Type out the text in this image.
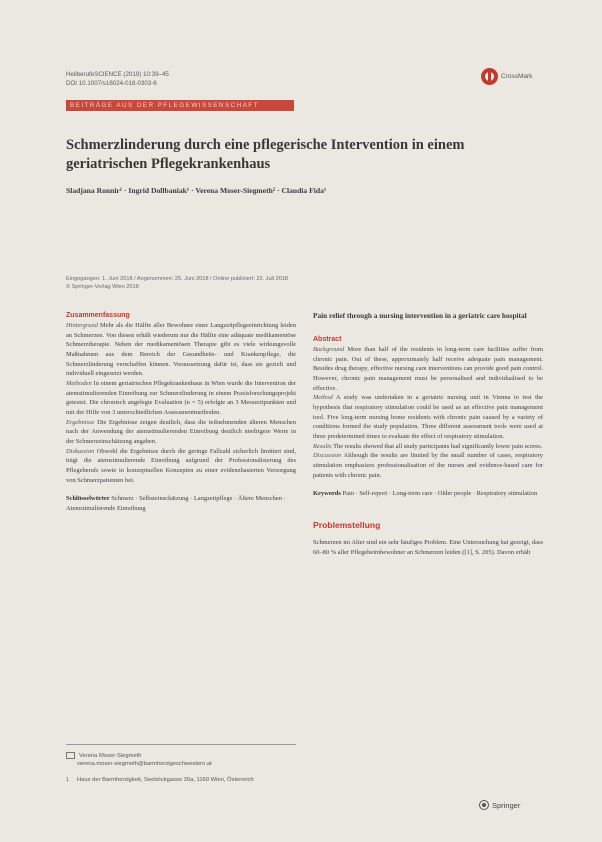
HeilberufeSCIENCE (2019) 10:39–45
DOI 10.1007/s16024-018-0303-6
CrossMark
BEITRÄGE AUS DER PFLEGEWISSENSCHAFT
Schmerzlinderung durch eine pflegerische Intervention in einem geriatrischen Pflegekrankenhaus
Sladjana Ronnir¹ · Ingrid Dollbaniak¹ · Verena Moser-Siegmeth² · Claudia Fida¹
Eingegangen: 1. Juni 2018 / Angenommen: 25. Juni 2018 / Online publiziert: 23. Juli 2018
© Springer-Verlag Wien 2018
Zusammenfassung

Hintergrund Mehr als die Hälfte aller Bewohner einer Langzeitpflegeeinrichtung leiden an Schmerzen. Von diesen erhält wiederum nur die Hälfte eine adäquate medikamentöse Schmerztherapie. Neben der medikamentösen Therapie gibt es viele wirkungsvolle Maßnahmen aus dem Bereich der Gesundheits- und Krankenpflege, die Schmerzlinderung verschaffen können. Voraussetzung dafür ist, dass sie gezielt und individuell eingesetzt werden.

Methoden In einem geriatrischen Pflegekrankenhaus in Wien wurde die Intervention der atemstimulierenden Einreibung zur Schmerzlinderung in einem Praxisforschungsprojekt getestet. Die chronisch angelegte Evaluation (n = 5) erfolgte an 3 Messzeitpunkten und mit der Hilfe von 3 unterschiedlichen Assessmentmethoden.

Ergebnisse Die Ergebnisse zeigen deutlich, dass die teilnehmenden älteren Menschen nach der Anwendung der atemstimulierenden Einreibung deutlich niedrigere Werte in der Schmerzeinschätzung angaben.

Diskussion Obwohl die Ergebnisse durch die geringe Fallzahl sicherlich limitiert sind, trägt die atemstimulierende Einreibung aufgrund der Professionalisierung des Pflegeberufs sowie in konzeptuellen Konzepten zu einer evidenzbasierten Versorgung von Schmerzpatienten bei.

Schlüsselwörter Schmerz · Selbsteinschätzung · Langzeitpflege · Ältere Menschen · Atemstimulierende Einreibung

Pain relief through a nursing intervention in a geriatric care hospital
Abstract

Background More than half of the residents in long-term care facilities suffer from chronic pain. Out of these, approximately half receive adequate pain management. Besides drug therapy, effective nursing care interventions can provide good pain control. However, chronic pain management must be personalised and individualised to be effective.

Method A study was undertaken in a geriatric nursing unit in Vienna to test the hypothesis that respiratory stimulation could be used as an effective pain management tool. Five long-term nursing home residents with chronic pain caused by a variety of conditions formed the study population. Three different assessment tools were used at three predetermined times to evaluate the effect of respiratory stimulation.

Results The results showed that all study participants had significantly lower pain scores.

Discussion Although the results are limited by the small number of cases, respiratory stimulation emphasizes professionalisation of the nurses and evidence-based care for patients with chronic pain.

Keywords Pain · Self-report · Long-term care · Older people · Respiratory stimulation

Problemstellung

Schmerzen im Alter sind ein sehr häufiges Problem. Eine Untersuchung hat gezeigt, dass 60–80 % aller Pflegeheimbewohner an Schmerzen leiden ([1], S. 205). Davon erhält

Verena Moser-Siegmeth
verena.moser-siegmeth@barmherzigeschwestern.at
1	Haus der Barmherzigkeit, Seeböckgasse 30a, 1160 Wien, Österreich
Springer
